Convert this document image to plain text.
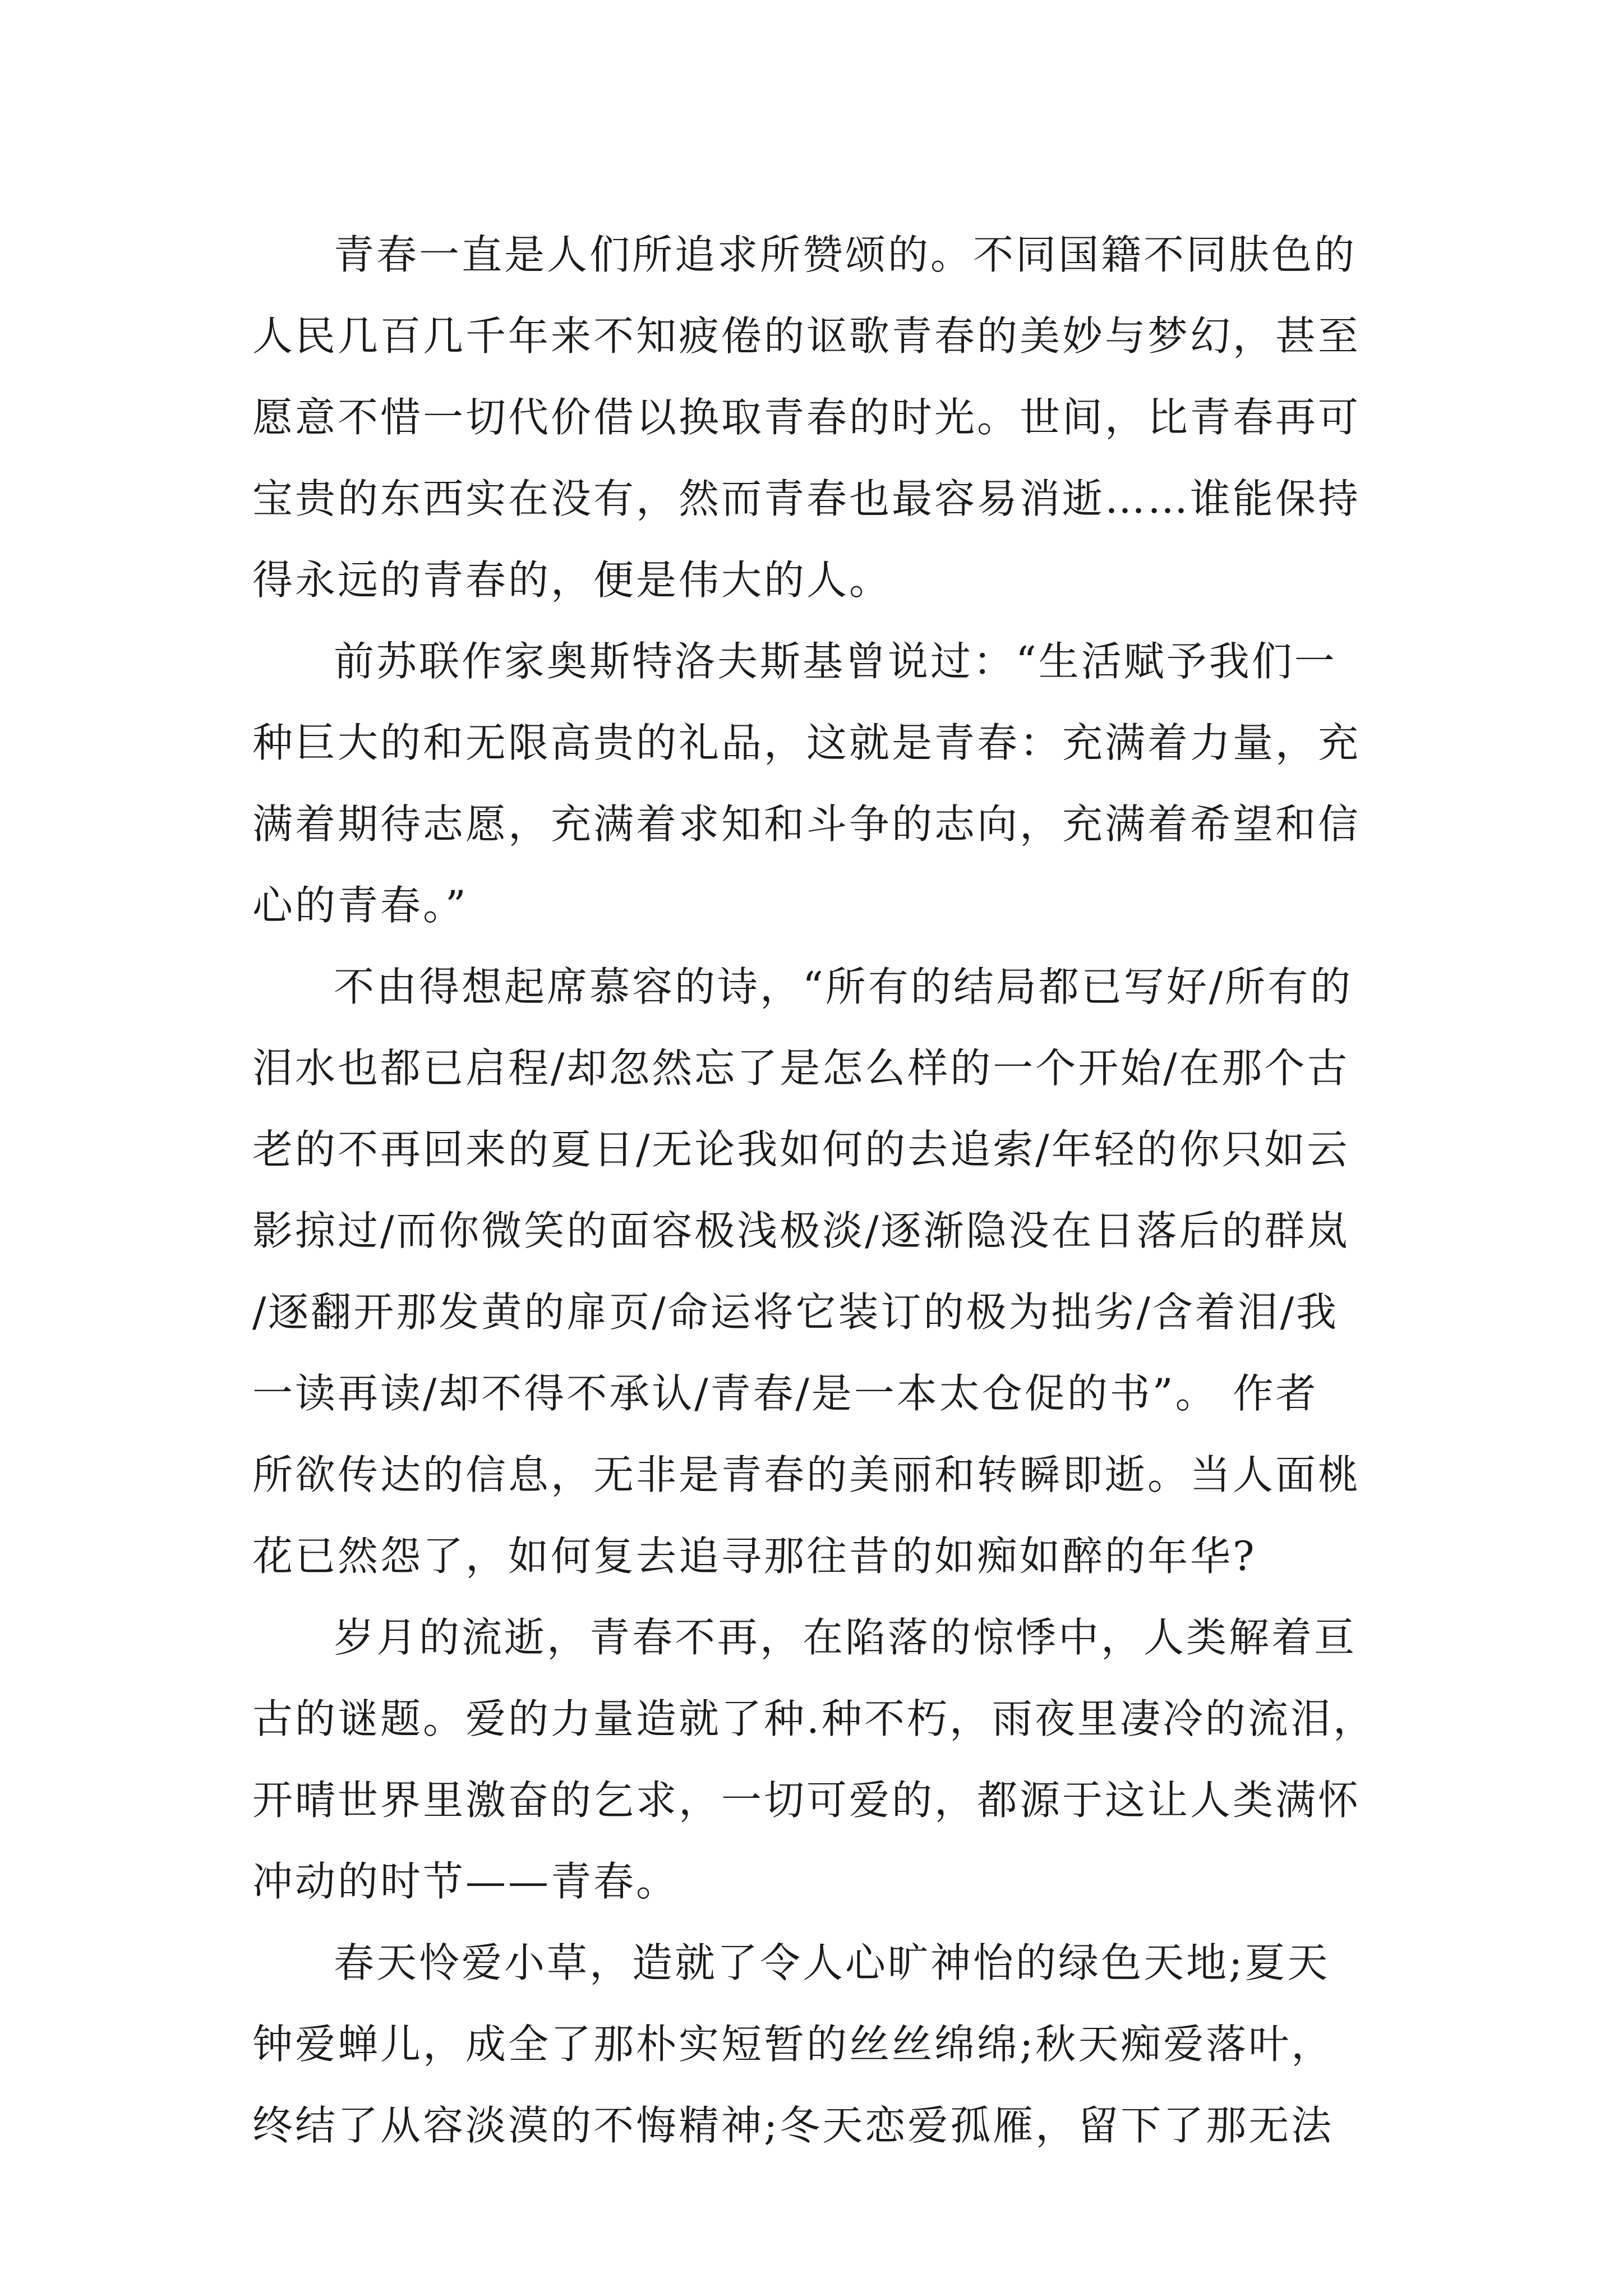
青春一直是人们所追求所赞颂的。不同国籍不同肤色的
人民几百几千年来不知疲倦的讴歌青春的美妙与梦幻，甚至
愿意不惜一切代价借以换取青春的时光。世间，比青春再可
宝贵的东西实在没有，然而青春也最容易消逝……谁能保持
得永远的青春的，便是伟大的人。
前苏联作家奥斯特洛夫斯基曾说过：“生活赋予我们一
种巨大的和无限高贵的礼品，这就是青春：充满着力量，充
满着期待志愿，充满着求知和斗争的志向，充满着希望和信
心的青春。”
不由得想起席慕容的诗，“所有的结局都已写好/所有的
泪水也都已启程/却忽然忘了是怎么样的一个开始/在那个古
老的不再回来的夏日/无论我如何的去追索/年轻的你只如云
影掠过/而你微笑的面容极浅极淡/逐渐隐没在日落后的群岚
/逐翻开那发黄的扉页/命运将它装订的极为拙劣/含着泪/我
一读再读/却不得不承认/青春/是一本太仓促的书”。 作者
所欲传达的信息，无非是青春的美丽和转瞬即逝。当人面桃
花已然怨了，如何复去追寻那往昔的如痴如醉的年华?
岁月的流逝，青春不再，在陷落的惊悸中，人类解着亘
古的谜题。爱的力量造就了种.种不朽，雨夜里凄冷的流泪，
开晴世界里激奋的乞求，一切可爱的，都源于这让人类满怀
冲动的时节——青春。
春天怜爱小草，造就了令人心旷神怡的绿色天地;夏天
钟爱蝉儿，成全了那朴实短暂的丝丝绵绵;秋天痴爱落叶，
终结了从容淡漠的不悔精神;冬天恋爱孤雁，留下了那无法
